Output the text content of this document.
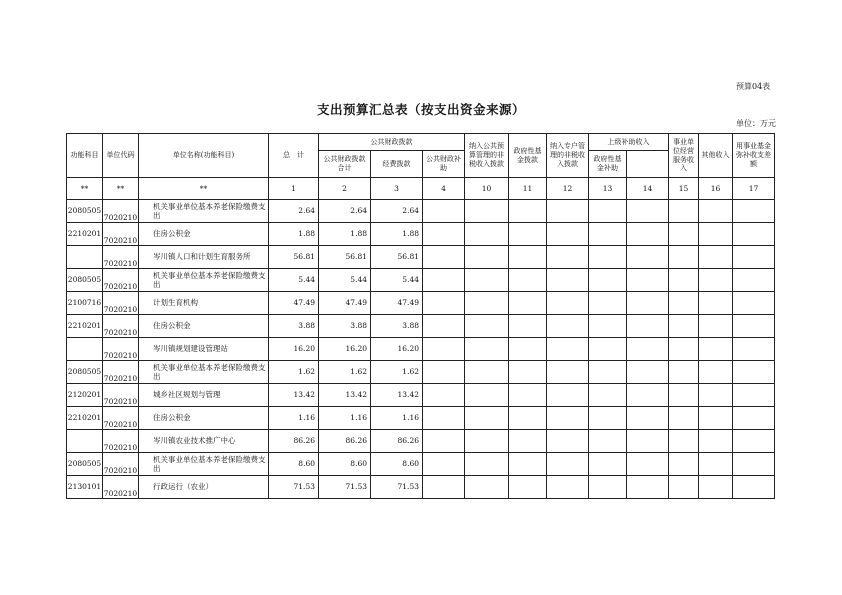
预算04表
支出预算汇总表（按支出资金来源）
单位：万元
功能科目	单位代码	单位名称(功能科目)	总　计	公共财政拨款			纳入公共预算管理的非税收入拨款	政府性基金拨款	纳入专户管理的非税收入拨款	上级补助收入		事业单位经营服务收入	其他收入	用事业基金弥补收支差额	
				公共财政拨款合计	经费拨款										
						公共财政补助				政府性基金补助					
**	**	**	1	2	3	4	10	11	12	13	14	15	16	17	
2080505	7020210	机关事业单位基本养老保险缴费支出	2.64	2.64	2.64										
2210201	7020210	住房公积金	1.88	1.88	1.88										
	7020210	岑川镇人口和计划生育服务所	56.81	56.81	56.81										
2080505	7020210	机关事业单位基本养老保险缴费支出	5.44	5.44	5.44										
2100716	7020210	计划生育机构	47.49	47.49	47.49										
2210201	7020210	住房公积金	3.88	3.88	3.88										
	7020210	岑川镇规划建设管理站	16.20	16.20	16.20										
2080505	7020210	机关事业单位基本养老保险缴费支出	1.62	1.62	1.62										
2120201	7020210	城乡社区规划与管理	13.42	13.42	13.42										
2210201	7020210	住房公积金	1.16	1.16	1.16										
	7020210	岑川镇农业技术推广中心	86.26	86.26	86.26										
2080505	7020210	机关事业单位基本养老保险缴费支出	8.60	8.60	8.60										
2130101	7020210	行政运行（农业）	71.53	71.53	71.53										
